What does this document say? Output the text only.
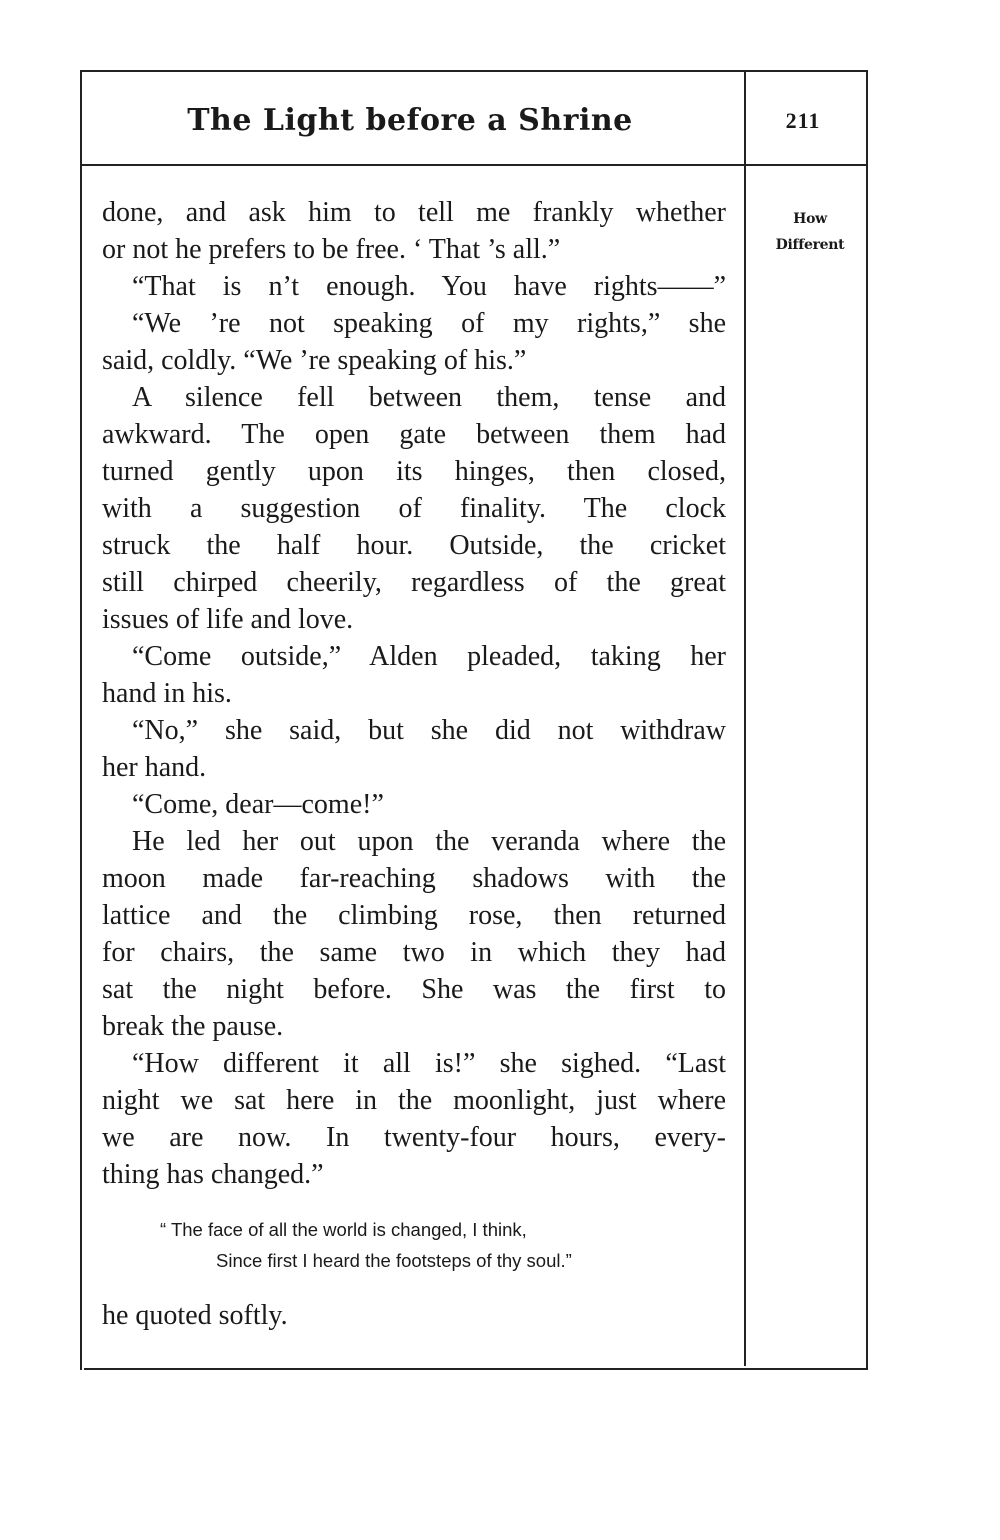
The Light before a Shrine	211
How
Different
done, and ask him to tell me frankly whether
or not he prefers to be free. ‘ That ’s all.”
“That is n’t enough. You have rights——”
“We ’re not speaking of my rights,” she
said, coldly. “We ’re speaking of his.”
A silence fell between them, tense and
awkward. The open gate between them had
turned gently upon its hinges, then closed,
with a suggestion of finality. The clock
struck the half hour. Outside, the cricket
still chirped cheerily, regardless of the great
issues of life and love.
“Come outside,” Alden pleaded, taking her
hand in his.
“No,” she said, but she did not withdraw
her hand.
“Come, dear—come!”
He led her out upon the veranda where the
moon made far-reaching shadows with the
lattice and the climbing rose, then returned
for chairs, the same two in which they had
sat the night before. She was the first to
break the pause.
“How different it all is!” she sighed. “Last
night we sat here in the moonlight, just where
we are now. In twenty-four hours, every-
thing has changed.”
“ The face of all the world is changed, I think,
Since first I heard the footsteps of thy soul.”
he quoted softly.
